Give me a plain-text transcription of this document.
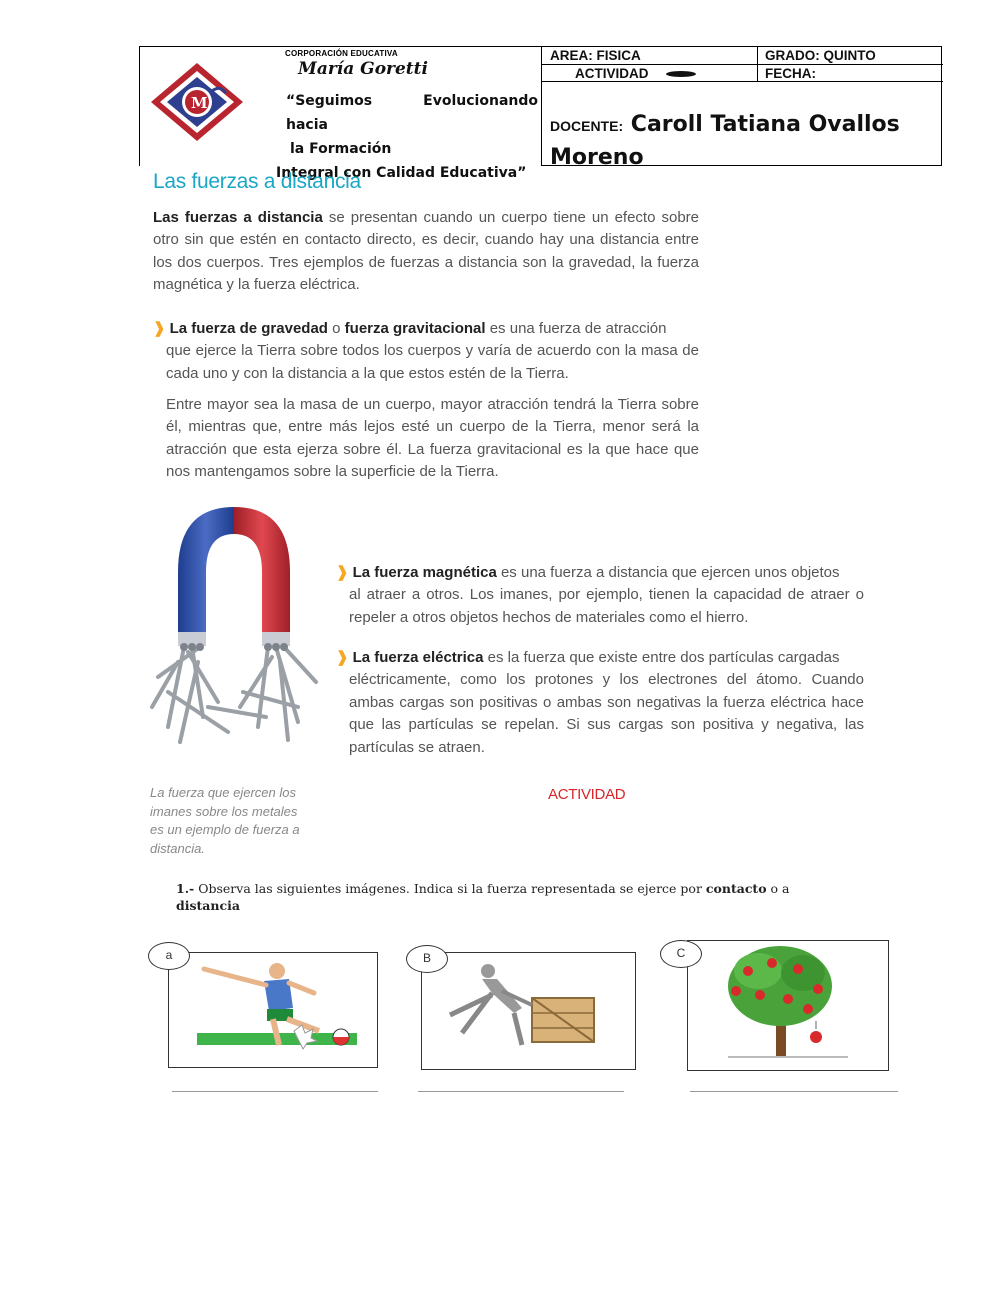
M
CORPORACIÓN EDUCATIVA
María Goretti
“Seguimos Evolucionando hacia
la Formación
Integral con Calidad Educativa”
AREA: FISICA	GRADO: QUINTO
ACTIVIDAD	FECHA:
DOCENTE: Caroll Tatiana Ovallos Moreno
Las fuerzas a distancia
Las fuerzas a distancia se presentan cuando un cuerpo tiene un efecto sobre otro sin que estén en contacto directo, es decir, cuando hay una distancia entre los dos cuerpos. Tres ejemplos de fuerzas a distancia son la gravedad, la fuerza magnética y la fuerza eléctrica.
❱ La fuerza de gravedad o fuerza gravitacional es una fuerza de atracción
que ejerce la Tierra sobre todos los cuerpos y varía de acuerdo con la masa de cada uno y con la distancia a la que estos estén de la Tierra.
Entre mayor sea la masa de un cuerpo, mayor atracción tendrá la Tierra sobre él, mientras que, entre más lejos esté un cuerpo de la Tierra, menor será la atracción que esta ejerza sobre él. La fuerza gravitacional es la que hace que nos mantengamos sobre la superficie de la Tierra.
❱ La fuerza magnética es una fuerza a distancia que ejercen unos objetos
al atraer a otros. Los imanes, por ejemplo, tienen la capacidad de atraer o repeler a otros objetos hechos de materiales como el hierro.
❱ La fuerza eléctrica es la fuerza que existe entre dos partículas cargadas
eléctricamente, como los protones y los electrones del átomo. Cuando ambas cargas son positivas o ambas son negativas la fuerza eléctrica hace que las partículas se repelan. Si sus cargas son positiva y negativa, las partículas se atraen.
La fuerza que ejercen los imanes sobre los metales es un ejemplo de fuerza a distancia.
ACTIVIDAD
1.- Observa las siguientes imágenes. Indica si la fuerza representada se ejerce por contacto o a distancia
a	B	C
